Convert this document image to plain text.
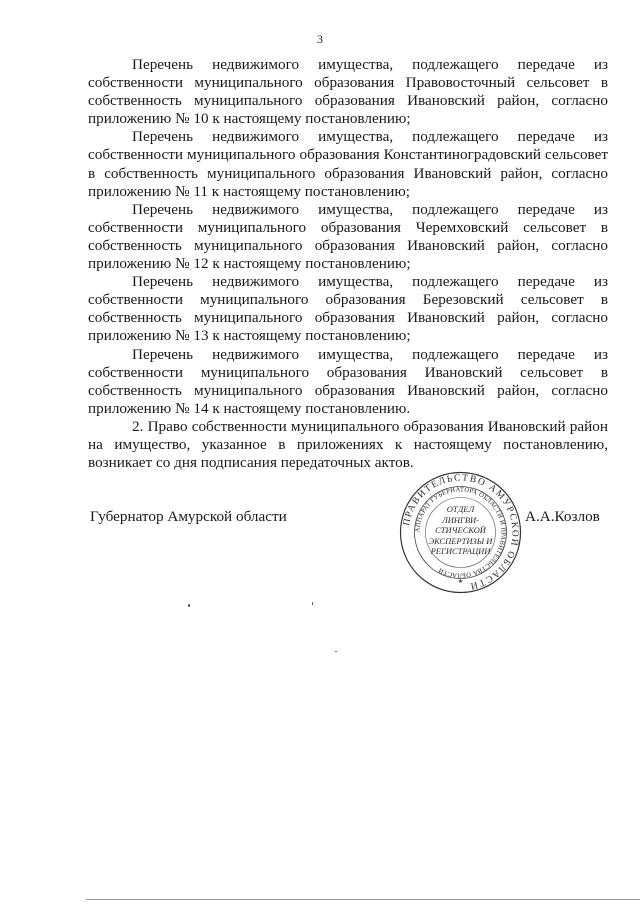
3

Перечень недвижимого имущества, подлежащего передаче из собственности муниципального образования Правовосточный сельсовет в собственность муниципального образования Ивановский район, согласно приложению № 10 к настоящему постановлению;

Перечень недвижимого имущества, подлежащего передаче из собственности муниципального образования Константиноградовский сельсовет в собственность муниципального образования Ивановский район, согласно приложению № 11 к настоящему постановлению;

Перечень недвижимого имущества, подлежащего передаче из собственности муниципального образования Черемховский сельсовет в собственность муниципального образования Ивановский район, согласно приложению № 12 к настоящему постановлению;

Перечень недвижимого имущества, подлежащего передаче из собственности муниципального образования Березовский сельсовет в собственность муниципального образования Ивановский район, согласно приложению № 13 к настоящему постановлению;

Перечень недвижимого имущества, подлежащего передаче из собственности муниципального образования Ивановский сельсовет в собственность муниципального образования Ивановский район, согласно приложению № 14 к настоящему постановлению.

2. Право собственности муниципального образования Ивановский район на имущество, указанное в приложениях к настоящему постановлению, возникает со дня подписания передаточных актов.

Губернатор Амурской области	А.А.Козлов
ПРАВИТЕЛЬСТВО АМУРСКОЙ ОБЛАСТИ
АППАРАТ ГУБЕРНАТОРА ОБЛАСТИ И ПРАВИТЕЛЬСТВА ОБЛАСТИ
★
ОТДЕЛ
ЛИНГВИ-
СТИЧЕСКОЙ
ЭКСПЕРТИЗЫ И
РЕГИСТРАЦИИ
